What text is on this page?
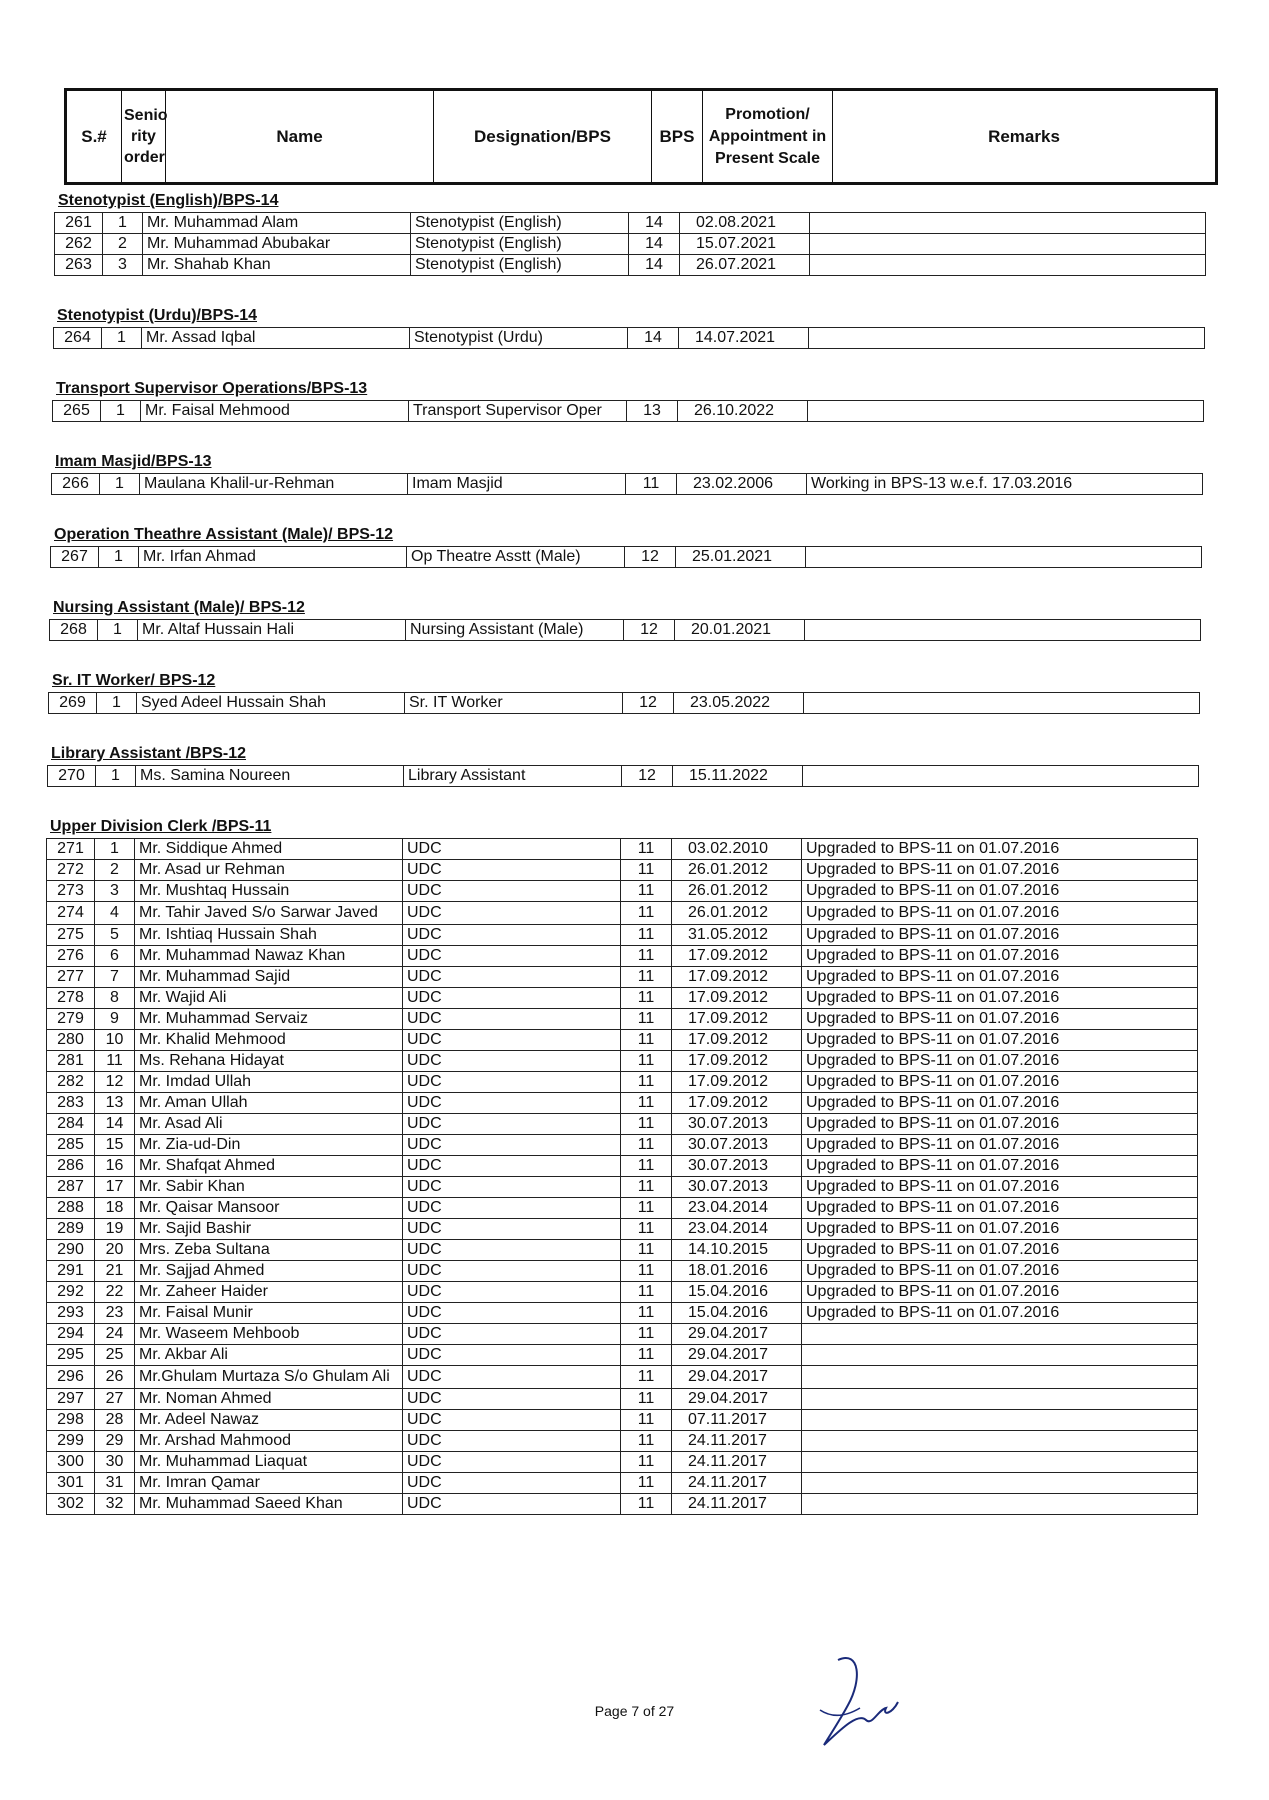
S.#	Senio rity order	Name	Designation/BPS	BPS	Promotion/ Appointment in Present Scale	Remarks
Stenotypist (English)/BPS-14
261	1	Mr. Muhammad Alam	Stenotypist (English)	14	02.08.2021	
262	2	Mr. Muhammad Abubakar	Stenotypist (English)	14	15.07.2021	
263	3	Mr. Shahab Khan	Stenotypist (English)	14	26.07.2021	
Stenotypist (Urdu)/BPS-14
264	1	Mr. Assad Iqbal	Stenotypist (Urdu)	14	14.07.2021	
Transport Supervisor Operations/BPS-13
265	1	Mr. Faisal Mehmood	Transport Supervisor Oper	13	26.10.2022	
Imam Masjid/BPS-13
266	1	Maulana Khalil-ur-Rehman	Imam Masjid	11	23.02.2006	Working in BPS-13 w.e.f. 17.03.2016
Operation Theathre Assistant (Male)/ BPS-12
267	1	Mr. Irfan Ahmad	Op Theatre Asstt (Male)	12	25.01.2021	
Nursing Assistant (Male)/ BPS-12
268	1	Mr. Altaf Hussain Hali	Nursing Assistant (Male)	12	20.01.2021	
Sr. IT Worker/ BPS-12
269	1	Syed Adeel Hussain Shah	Sr. IT Worker	12	23.05.2022	
Library Assistant /BPS-12
270	1	Ms. Samina Noureen	Library Assistant	12	15.11.2022	
Upper Division Clerk /BPS-11
271	1	Mr. Siddique Ahmed	UDC	11	03.02.2010	Upgraded to BPS-11 on 01.07.2016
272	2	Mr. Asad ur Rehman	UDC	11	26.01.2012	Upgraded to BPS-11 on 01.07.2016
273	3	Mr. Mushtaq Hussain	UDC	11	26.01.2012	Upgraded to BPS-11 on 01.07.2016
274	4	Mr. Tahir Javed S/o Sarwar Javed	UDC	11	26.01.2012	Upgraded to BPS-11 on 01.07.2016
275	5	Mr. Ishtiaq Hussain Shah	UDC	11	31.05.2012	Upgraded to BPS-11 on 01.07.2016
276	6	Mr. Muhammad Nawaz Khan	UDC	11	17.09.2012	Upgraded to BPS-11 on 01.07.2016
277	7	Mr. Muhammad Sajid	UDC	11	17.09.2012	Upgraded to BPS-11 on 01.07.2016
278	8	Mr. Wajid Ali	UDC	11	17.09.2012	Upgraded to BPS-11 on 01.07.2016
279	9	Mr. Muhammad Servaiz	UDC	11	17.09.2012	Upgraded to BPS-11 on 01.07.2016
280	10	Mr. Khalid Mehmood	UDC	11	17.09.2012	Upgraded to BPS-11 on 01.07.2016
281	11	Ms. Rehana Hidayat	UDC	11	17.09.2012	Upgraded to BPS-11 on 01.07.2016
282	12	Mr. Imdad Ullah	UDC	11	17.09.2012	Upgraded to BPS-11 on 01.07.2016
283	13	Mr. Aman Ullah	UDC	11	17.09.2012	Upgraded to BPS-11 on 01.07.2016
284	14	Mr. Asad Ali	UDC	11	30.07.2013	Upgraded to BPS-11 on 01.07.2016
285	15	Mr. Zia-ud-Din	UDC	11	30.07.2013	Upgraded to BPS-11 on 01.07.2016
286	16	Mr. Shafqat Ahmed	UDC	11	30.07.2013	Upgraded to BPS-11 on 01.07.2016
287	17	Mr. Sabir Khan	UDC	11	30.07.2013	Upgraded to BPS-11 on 01.07.2016
288	18	Mr. Qaisar Mansoor	UDC	11	23.04.2014	Upgraded to BPS-11 on 01.07.2016
289	19	Mr. Sajid Bashir	UDC	11	23.04.2014	Upgraded to BPS-11 on 01.07.2016
290	20	Mrs. Zeba Sultana	UDC	11	14.10.2015	Upgraded to BPS-11 on 01.07.2016
291	21	Mr. Sajjad Ahmed	UDC	11	18.01.2016	Upgraded to BPS-11 on 01.07.2016
292	22	Mr. Zaheer Haider	UDC	11	15.04.2016	Upgraded to BPS-11 on 01.07.2016
293	23	Mr. Faisal Munir	UDC	11	15.04.2016	Upgraded to BPS-11 on 01.07.2016
294	24	Mr. Waseem Mehboob	UDC	11	29.04.2017	
295	25	Mr. Akbar Ali	UDC	11	29.04.2017	
296	26	Mr.Ghulam Murtaza S/o Ghulam Ali	UDC	11	29.04.2017	
297	27	Mr. Noman Ahmed	UDC	11	29.04.2017	
298	28	Mr. Adeel Nawaz	UDC	11	07.11.2017	
299	29	Mr. Arshad Mahmood	UDC	11	24.11.2017	
300	30	Mr. Muhammad Liaquat	UDC	11	24.11.2017	
301	31	Mr. Imran Qamar	UDC	11	24.11.2017	
302	32	Mr. Muhammad Saeed Khan	UDC	11	24.11.2017	
Page 7 of 27
